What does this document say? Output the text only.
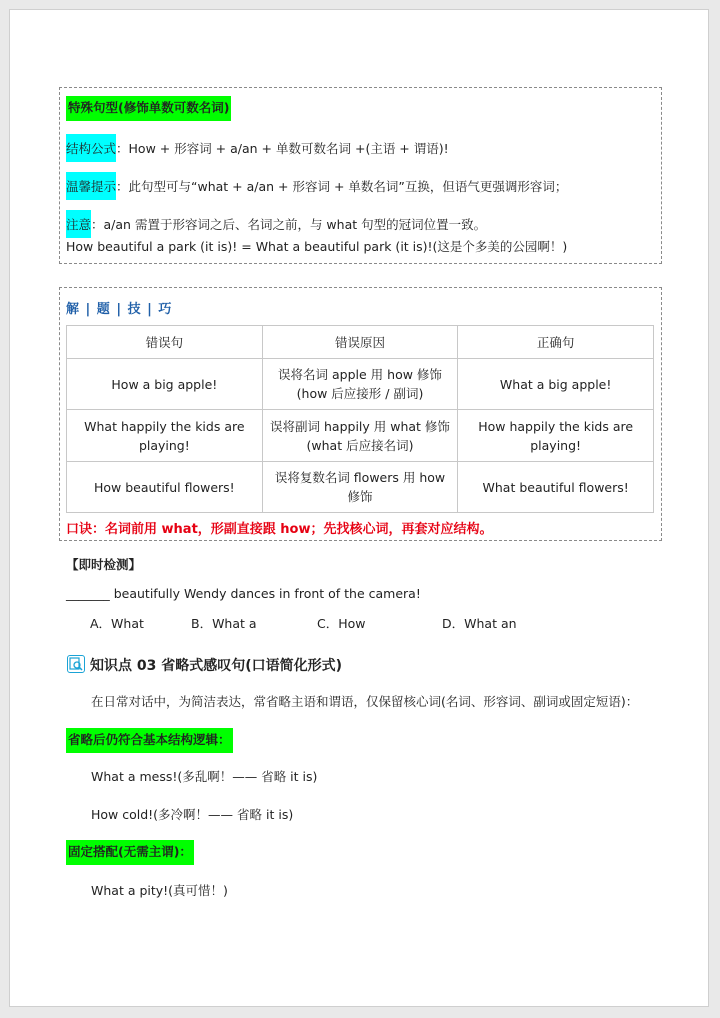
特殊句型(修饰单数可数名词)
结构公式：How + 形容词 + a/an + 单数可数名词 +(主语 + 谓语)!
温馨提示：此句型可与“what + a/an + 形容词 + 单数名词”互换，但语气更强调形容词；
注意：a/an 需置于形容词之后、名词之前，与 what 句型的冠词位置一致。
How beautiful a park (it is)! = What a beautiful park (it is)!(这是个多美的公园啊！)
解 | 题 | 技 | 巧
错误句	错误原因	正确句
How a big apple!	误将名词 apple 用 how 修饰(how 后应接形 / 副词)	What a big apple!
What happily the kids are playing!	误将副词 happily 用 what 修饰(what 后应接名词)	How happily the kids are playing!
How beautiful flowers!	误将复数名词 flowers 用 how 修饰	What beautiful flowers!
口诀：名词前用 what，形副直接跟 how；先找核心词，再套对应结构。
【即时检测】
_______ beautifully Wendy dances in front of the camera!
A．What	B．What a	C．How	D．What an
知识点 03 省略式感叹句(口语简化形式)
在日常对话中，为简洁表达，常省略主语和谓语，仅保留核心词(名词、形容词、副词或固定短语)：
省略后仍符合基本结构逻辑：
What a mess!(多乱啊！—— 省略 it is)
How cold!(多冷啊！—— 省略 it is)
固定搭配(无需主谓)：
What a pity!(真可惜！)
